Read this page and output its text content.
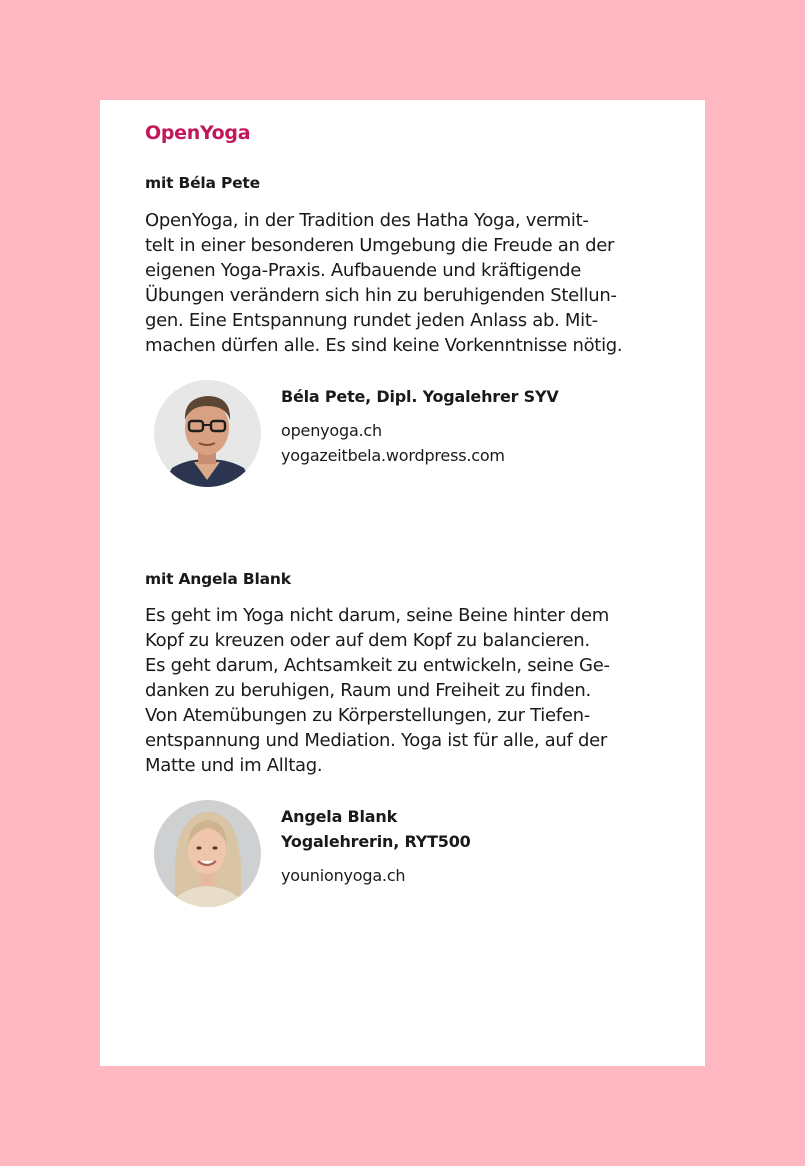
OpenYoga
mit Béla Pete
OpenYoga, in der Tradition des Hatha Yoga, vermit-
telt in einer besonderen Umgebung die Freude an der
eigenen Yoga-Praxis. Aufbauende und kräftigende
Übungen verändern sich hin zu beruhigenden Stellun-
gen. Eine Entspannung rundet jeden Anlass ab. Mit-
machen dürfen alle. Es sind keine Vorkenntnisse nötig.
Béla Pete, Dipl. Yogalehrer SYV
openyoga.ch
yogazeitbela.wordpress.com
mit Angela Blank
Es geht im Yoga nicht darum, seine Beine hinter dem
Kopf zu kreuzen oder auf dem Kopf zu balancieren.
Es geht darum, Achtsamkeit zu entwickeln, seine Ge-
danken zu beruhigen, Raum und Freiheit zu finden.
Von Atemübungen zu Körperstellungen, zur Tiefen-
entspannung und Mediation. Yoga ist für alle, auf der
Matte und im Alltag.
Angela Blank
Yogalehrerin, RYT500
younionyoga.ch
